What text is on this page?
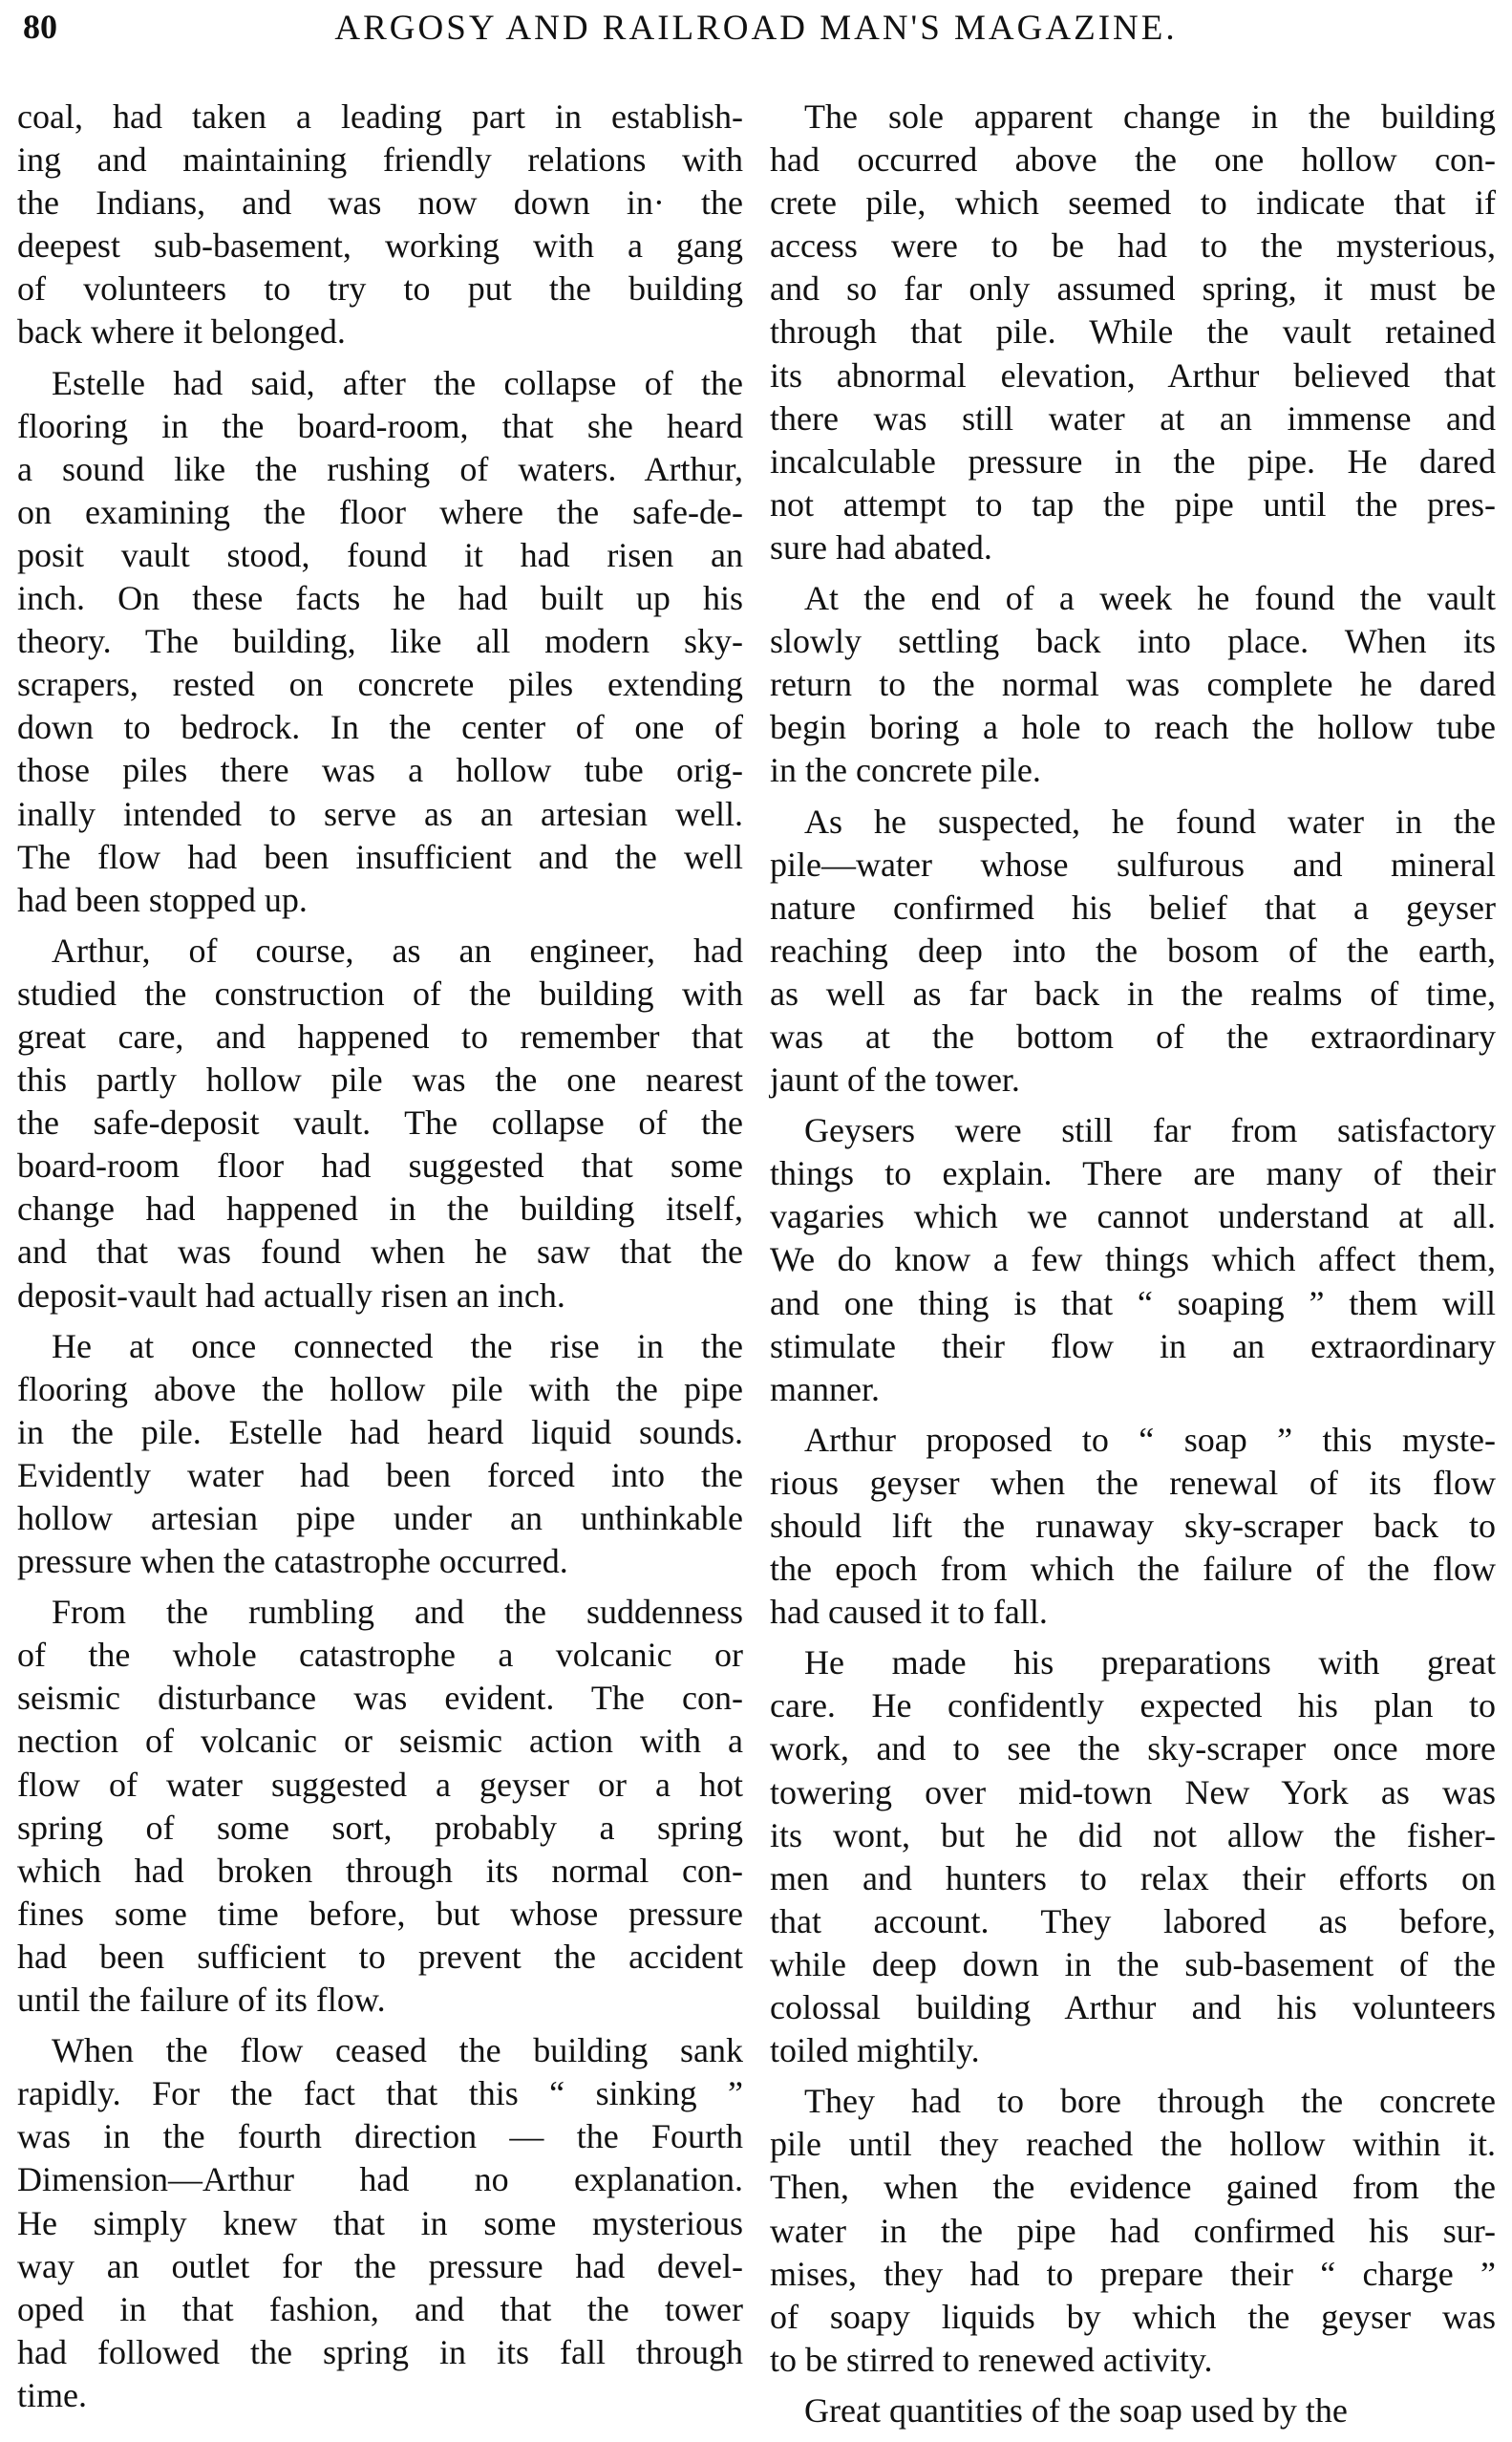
80	ARGOSY AND RAILROAD MAN'S MAGAZINE.
coal, had taken a leading part in establish-
ing and maintaining friendly relations with
the Indians, and was now down in· the
deepest sub-basement, working with a gang
of volunteers to try to put the building
back where it belonged.
Estelle had said, after the collapse of the
flooring in the board-room, that she heard
a sound like the rushing of waters. Arthur,
on examining the floor where the safe-de-
posit vault stood, found it had risen an
inch. On these facts he had built up his
theory. The building, like all modern sky-
scrapers, rested on concrete piles extending
down to bedrock. In the center of one of
those piles there was a hollow tube orig-
inally intended to serve as an artesian well.
The flow had been insufficient and the well
had been stopped up.
Arthur, of course, as an engineer, had
studied the construction of the building with
great care, and happened to remember that
this partly hollow pile was the one nearest
the safe-deposit vault. The collapse of the
board-room floor had suggested that some
change had happened in the building itself,
and that was found when he saw that the
deposit-vault had actually risen an inch.
He at once connected the rise in the
flooring above the hollow pile with the pipe
in the pile. Estelle had heard liquid sounds.
Evidently water had been forced into the
hollow artesian pipe under an unthinkable
pressure when the catastrophe occurred.
From the rumbling and the suddenness
of the whole catastrophe a volcanic or
seismic disturbance was evident. The con-
nection of volcanic or seismic action with a
flow of water suggested a geyser or a hot
spring of some sort, probably a spring
which had broken through its normal con-
fines some time before, but whose pressure
had been sufficient to prevent the accident
until the failure of its flow.
When the flow ceased the building sank
rapidly. For the fact that this “ sinking ”
was in the fourth direction — the Fourth
Dimension—Arthur had no explanation.
He simply knew that in some mysterious
way an outlet for the pressure had devel-
oped in that fashion, and that the tower
had followed the spring in its fall through
time.
The sole apparent change in the building
had occurred above the one hollow con-
crete pile, which seemed to indicate that if
access were to be had to the mysterious,
and so far only assumed spring, it must be
through that pile. While the vault retained
its abnormal elevation, Arthur believed that
there was still water at an immense and
incalculable pressure in the pipe. He dared
not attempt to tap the pipe until the pres-
sure had abated.
At the end of a week he found the vault
slowly settling back into place. When its
return to the normal was complete he dared
begin boring a hole to reach the hollow tube
in the concrete pile.
As he suspected, he found water in the
pile—water whose sulfurous and mineral
nature confirmed his belief that a geyser
reaching deep into the bosom of the earth,
as well as far back in the realms of time,
was at the bottom of the extraordinary
jaunt of the tower.
Geysers were still far from satisfactory
things to explain. There are many of their
vagaries which we cannot understand at all.
We do know a few things which affect them,
and one thing is that “ soaping ” them will
stimulate their flow in an extraordinary
manner.
Arthur proposed to “ soap ” this myste-
rious geyser when the renewal of its flow
should lift the runaway sky-scraper back to
the epoch from which the failure of the flow
had caused it to fall.
He made his preparations with great
care. He confidently expected his plan to
work, and to see the sky-scraper once more
towering over mid-town New York as was
its wont, but he did not allow the fisher-
men and hunters to relax their efforts on
that account. They labored as before,
while deep down in the sub-basement of the
colossal building Arthur and his volunteers
toiled mightily.
They had to bore through the concrete
pile until they reached the hollow within it.
Then, when the evidence gained from the
water in the pipe had confirmed his sur-
mises, they had to prepare their “ charge ”
of soapy liquids by which the geyser was
to be stirred to renewed activity.
Great quantities of the soap used by the
